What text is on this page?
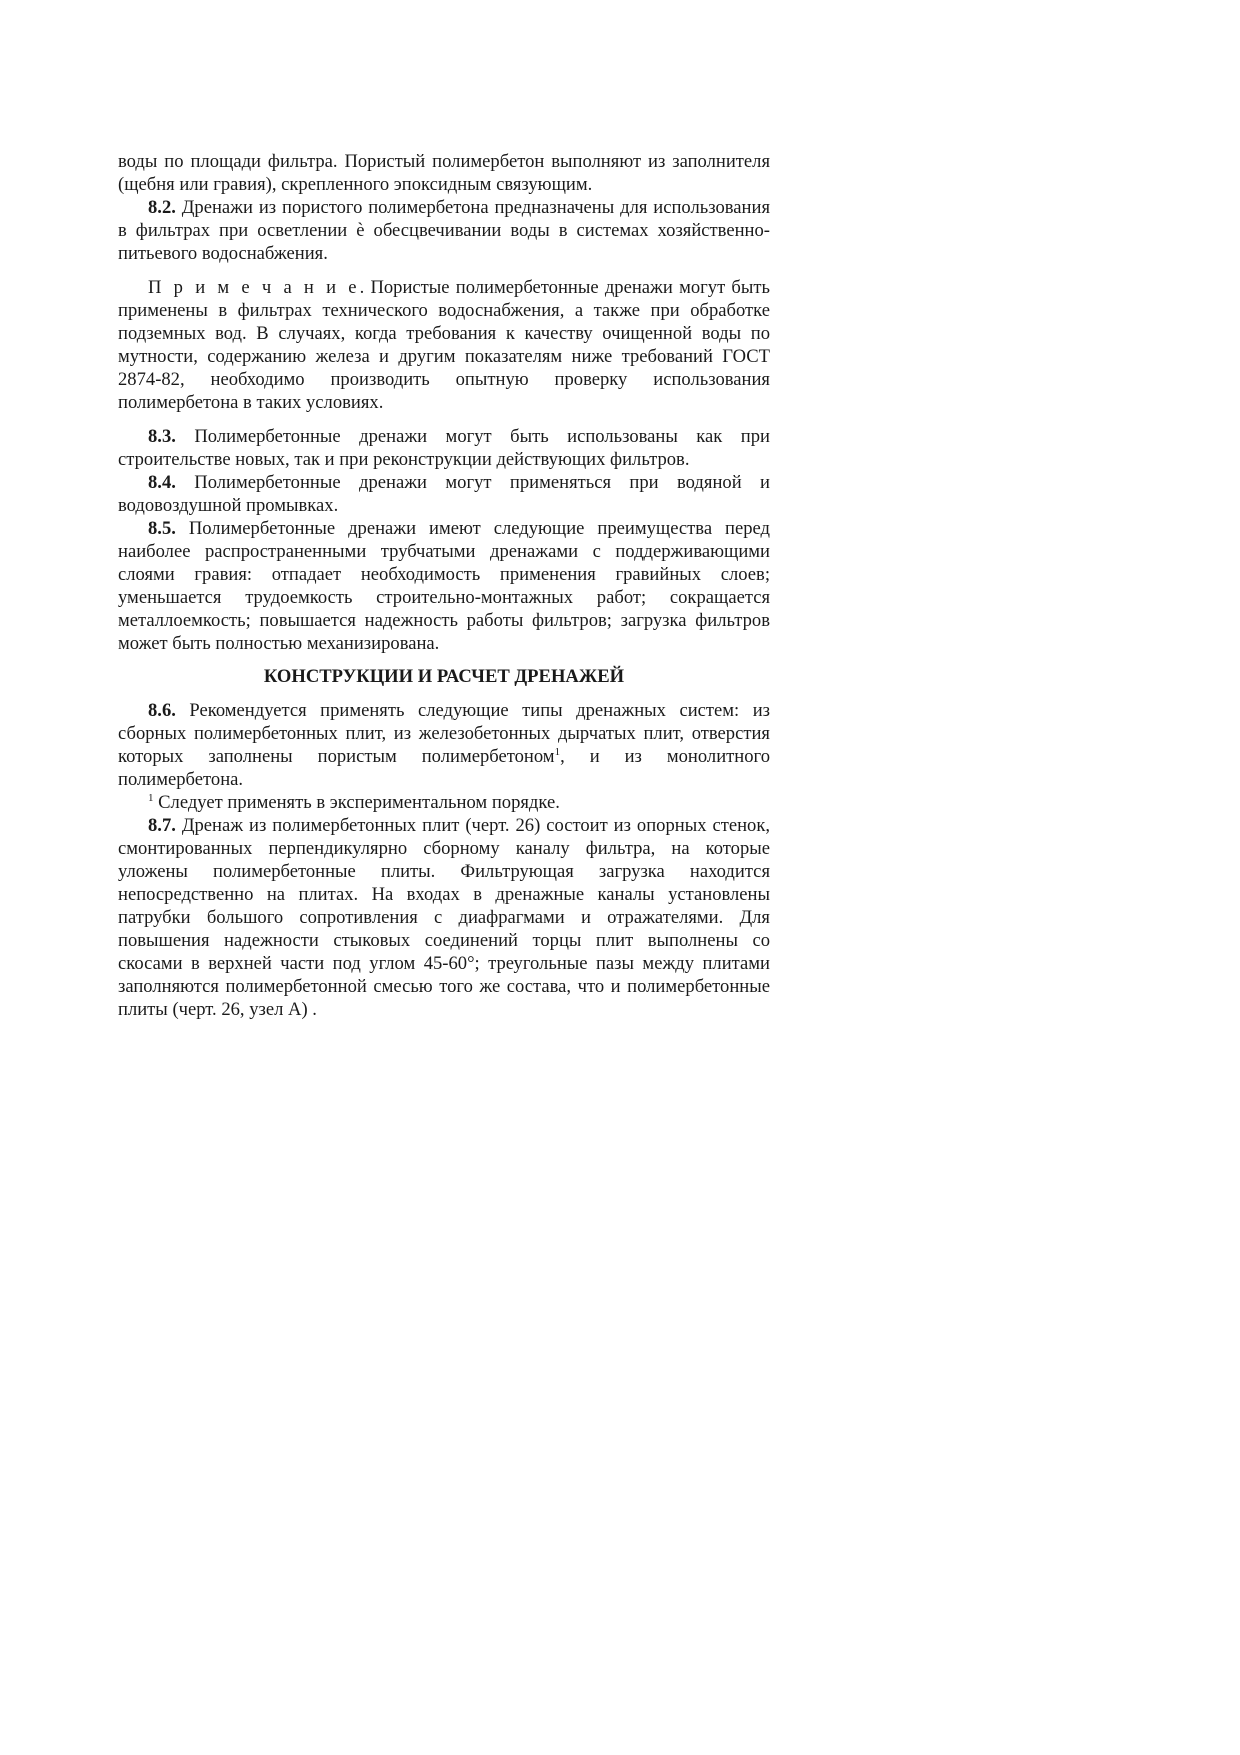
воды по площади фильтра. Пористый полимербетон выполняют из заполнителя (щебня или гравия), скрепленного эпоксидным связующим.

8.2. Дренажи из пористого полимербетона предназначены для использования в фильтрах при осветлении è обесцвечивании воды в системах хозяйственно-питьевого водоснабжения.

П р и м е ч а н и е. Пористые полимербетонные дренажи могут быть применены в фильтрах технического водоснабжения, а также при обработке подземных вод. В случаях, когда требования к качеству очищенной воды по мутности, содержанию железа и другим показателям ниже требований ГОСТ 2874-82, необходимо производить опытную проверку использования полимербетона в таких условиях.

8.3. Полимербетонные дренажи могут быть использованы как при строительстве новых, так и при реконструкции действующих фильтров.

8.4. Полимербетонные дренажи могут применяться при водяной и водовоздушной промывках.

8.5. Полимербетонные дренажи имеют следующие преимущества перед наиболее распространенными трубчатыми дренажами с поддерживающими слоями гравия: отпадает необходимость применения гравийных слоев; уменьшается трудоемкость строительно-монтажных работ; сокращается металлоемкость; повышается надежность работы фильтров; загрузка фильтров может быть полностью механизирована.

КОНСТРУКЦИИ И РАСЧЕТ ДРЕНАЖЕЙ

8.6. Рекомендуется применять следующие типы дренажных систем: из сборных полимербетонных плит, из железобетонных дырчатых плит, отверстия которых заполнены пористым полимербетоном$^1$, и из монолитного полимербетона.

$^1$ Следует применять в экспериментальном порядке.

8.7. Дренаж из полимербетонных плит (черт. 26) состоит из опорных стенок, смонтированных перпендикулярно сборному каналу фильтра, на которые уложены полимербетонные плиты. Фильтрующая загрузка находится непосредственно на плитах. На входах в дренажные каналы установлены патрубки большого сопротивления с диафрагмами и отражателями. Для повышения надежности стыковых соединений торцы плит выполнены со скосами в верхней части под углом 45-60°; треугольные пазы между плитами заполняются полимербетонной смесью того же состава, что и полимербетонные плиты (черт. 26, узел А) .
